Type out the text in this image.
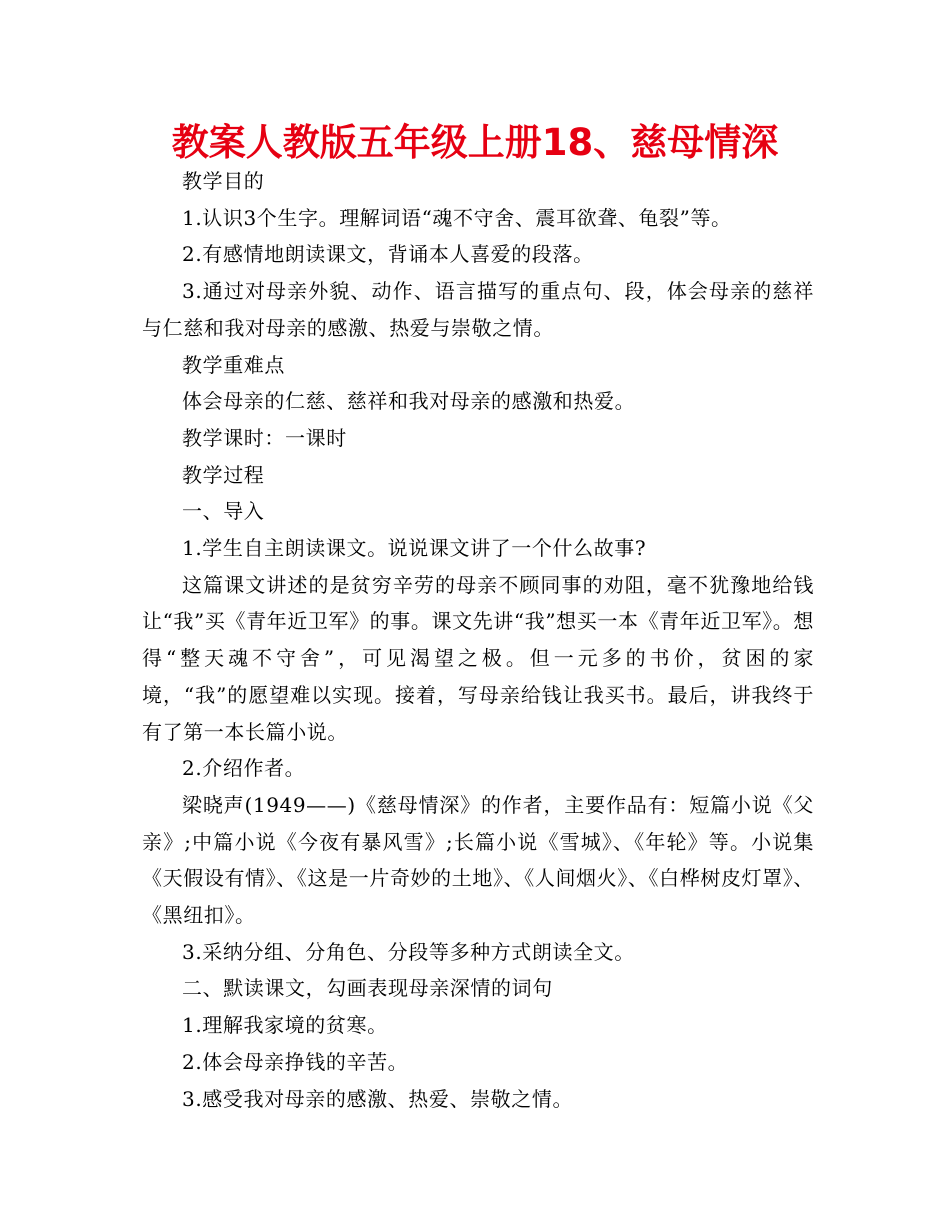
教案人教版五年级上册18、慈母情深

教学目的

1.认识3个生字。理解词语“魂不守舍、震耳欲聋、龟裂”等。

2.有感情地朗读课文，背诵本人喜爱的段落。

3.通过对母亲外貌、动作、语言描写的重点句、段，体会母亲的慈祥与仁慈和我对母亲的感激、热爱与崇敬之情。

教学重难点

体会母亲的仁慈、慈祥和我对母亲的感激和热爱。

教学课时：一课时

教学过程

一、导入

1.学生自主朗读课文。说说课文讲了一个什么故事?

这篇课文讲述的是贫穷辛劳的母亲不顾同事的劝阻，毫不犹豫地给钱让“我”买《青年近卫军》的事。课文先讲“我”想买一本《青年近卫军》。想得“整天魂不守舍”，可见渴望之极。但一元多的书价，贫困的家境，“我”的愿望难以实现。接着，写母亲给钱让我买书。最后，讲我终于有了第一本长篇小说。

2.介绍作者。

梁晓声(1949——)《慈母情深》的作者，主要作品有：短篇小说《父亲》;中篇小说《今夜有暴风雪》;长篇小说《雪城》、《年轮》等。小说集《天假设有情》、《这是一片奇妙的土地》、《人间烟火》、《白桦树皮灯罩》、《黑纽扣》。

3.采纳分组、分角色、分段等多种方式朗读全文。

二、默读课文，勾画表现母亲深情的词句

1.理解我家境的贫寒。

2.体会母亲挣钱的辛苦。

3.感受我对母亲的感激、热爱、崇敬之情。
